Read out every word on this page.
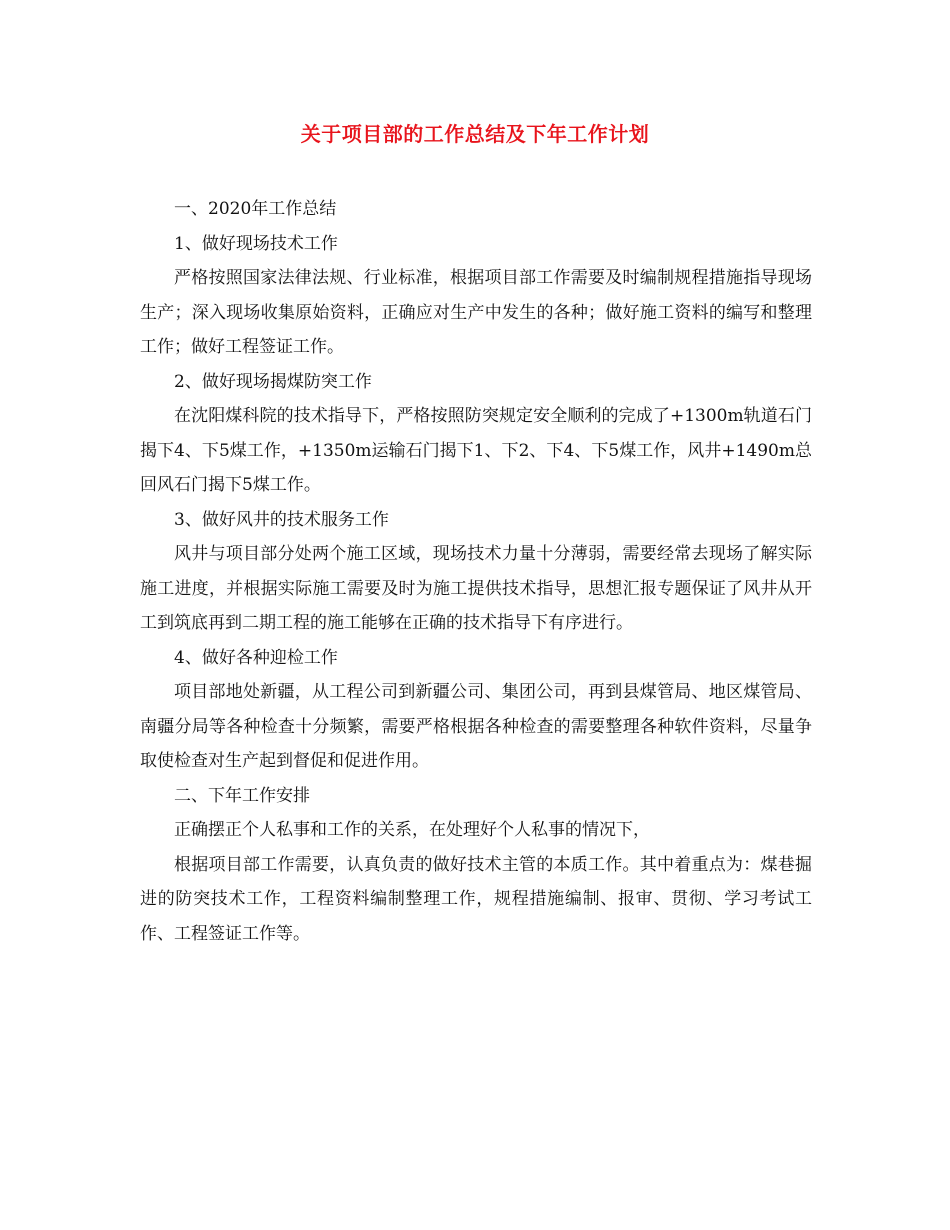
关于项目部的工作总结及下年工作计划

一、2020年工作总结

1、做好现场技术工作

严格按照国家法律法规、行业标准，根据项目部工作需要及时编制规程措施指导现场生产；深入现场收集原始资料，正确应对生产中发生的各种；做好施工资料的编写和整理工作；做好工程签证工作。

2、做好现场揭煤防突工作

在沈阳煤科院的技术指导下，严格按照防突规定安全顺利的完成了+1300m轨道石门揭下4、下5煤工作，+1350m运输石门揭下1、下2、下4、下5煤工作，风井+1490m总回风石门揭下5煤工作。

3、做好风井的技术服务工作

风井与项目部分处两个施工区域，现场技术力量十分薄弱，需要经常去现场了解实际施工进度，并根据实际施工需要及时为施工提供技术指导，思想汇报专题保证了风井从开工到筑底再到二期工程的施工能够在正确的技术指导下有序进行。

4、做好各种迎检工作

项目部地处新疆，从工程公司到新疆公司、集团公司，再到县煤管局、地区煤管局、南疆分局等各种检查十分频繁，需要严格根据各种检查的需要整理各种软件资料，尽量争取使检查对生产起到督促和促进作用。

二、下年工作安排

正确摆正个人私事和工作的关系，在处理好个人私事的情况下，

根据项目部工作需要，认真负责的做好技术主管的本质工作。其中着重点为：煤巷掘进的防突技术工作，工程资料编制整理工作，规程措施编制、报审、贯彻、学习考试工作、工程签证工作等。
